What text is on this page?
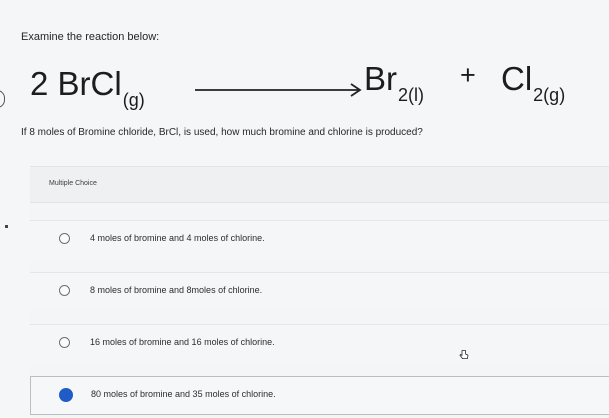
Examine the reaction below:
2 BrCl$_{(g)}$
$Br_{2(l)}$
+ $Cl_{2(g)}$
If 8 moles of Bromine chloride, BrCl, is used, how much bromine and chlorine is produced?
Multiple Choice
4 moles of bromine and 4 moles of chlorine.
8 moles of bromine and 8moles of chlorine.
16 moles of bromine and 16 moles of chlorine.
80 moles of bromine and 35 moles of chlorine.
